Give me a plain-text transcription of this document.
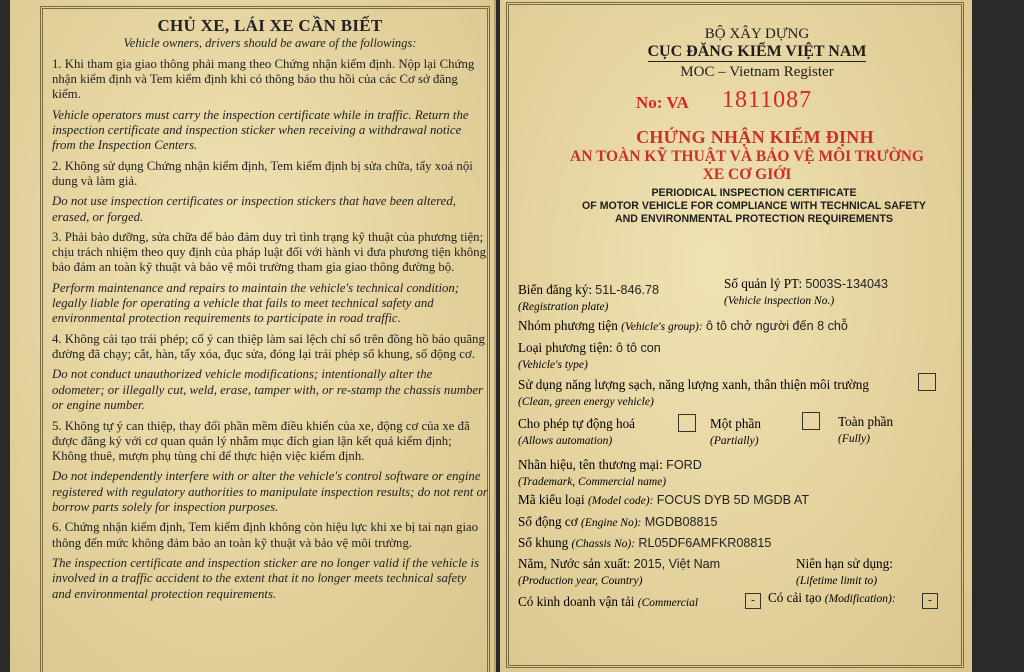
CHỦ XE, LÁI XE CẦN BIẾT

Vehicle owners, drivers should be aware of the followings:

1. Khi tham gia giao thông phải mang theo Chứng nhận kiểm định. Nộp lại Chứng nhận kiểm định và Tem kiểm định khi có thông báo thu hồi của các Cơ sở đăng kiểm.

Vehicle operators must carry the inspection certificate while in traffic. Return the inspection certificate and inspection sticker when receiving a withdrawal notice from the Inspection Centers.

2. Không sử dụng Chứng nhận kiểm định, Tem kiểm định bị sửa chữa, tẩy xoá nội dung và làm giả.

Do not use inspection certificates or inspection stickers that have been altered, erased, or forged.

3. Phải bảo dưỡng, sửa chữa để bảo đảm duy trì tình trạng kỹ thuật của phương tiện; chịu trách nhiệm theo quy định của pháp luật đối với hành vi đưa phương tiện không bảo đảm an toàn kỹ thuật và bảo vệ môi trường tham gia giao thông đường bộ.

Perform maintenance and repairs to maintain the vehicle's technical condition; legally liable for operating a vehicle that fails to meet technical safety and environmental protection requirements to participate in road traffic.

4. Không cải tạo trái phép; cố ý can thiệp làm sai lệch chỉ số trên đồng hồ báo quãng đường đã chạy; cắt, hàn, tẩy xóa, đục sửa, đóng lại trái phép số khung, số động cơ.

Do not conduct unauthorized vehicle modifications; intentionally alter the odometer; or illegally cut, weld, erase, tamper with, or re-stamp the chassis number or engine number.

5. Không tự ý can thiệp, thay đổi phần mềm điều khiển của xe, động cơ của xe đã được đăng ký với cơ quan quản lý nhằm mục đích gian lận kết quả kiểm định; Không thuê, mượn phụ tùng chỉ để thực hiện việc kiểm định.

Do not independently interfere with or alter the vehicle's control software or engine registered with regulatory authorities to manipulate inspection results; do not rent or borrow parts solely for inspection purposes.

6. Chứng nhận kiểm định, Tem kiểm định không còn hiệu lực khi xe bị tai nạn giao thông đến mức không đảm bảo an toàn kỹ thuật và bảo vệ môi trường.

The inspection certificate and inspection sticker are no longer valid if the vehicle is involved in a traffic accident to the extent that it no longer meets technical safety and environmental protection requirements.

BỘ XÂY DỰNG

CỤC ĐĂNG KIỂM VIỆT NAM

MOC – Vietnam Register

No: VA 1811087

CHỨNG NHẬN KIỂM ĐỊNH

AN TOÀN KỸ THUẬT VÀ BẢO VỆ MÔI TRƯỜNG

XE CƠ GIỚI

PERIODICAL INSPECTION CERTIFICATE
OF MOTOR VEHICLE FOR COMPLIANCE WITH TECHNICAL SAFETY
AND ENVIRONMENTAL PROTECTION REQUIREMENTS

Biển đăng ký: 51L-846.78
(Registration plate)
Số quản lý PT: 5003S-134043
(Vehicle inspection No.)
Nhóm phương tiện (Vehicle's group): ô tô chở người đến 8 chỗ
Loại phương tiện: ô tô con
(Vehicle's type)
Sử dụng năng lượng sạch, năng lượng xanh, thân thiện môi trường
(Clean, green energy vehicle)
Cho phép tự động hoá
(Allows automation)
Một phần
(Partially)
Toàn phần
(Fully)
Nhãn hiệu, tên thương mại: FORD
(Trademark, Commercial name)
Mã kiểu loại (Model code): FOCUS DYB 5D MGDB AT
Số động cơ (Engine No): MGDB08815
Số khung (Chassis No): RL05DF6AMFKR08815
Năm, Nước sản xuất: 2015, Việt Nam
(Production year, Country)
Niên hạn sử dụng:
(Lifetime limit to)
Có kinh doanh vận tải (Commercial	- Có cải tạo (Modification):	-
